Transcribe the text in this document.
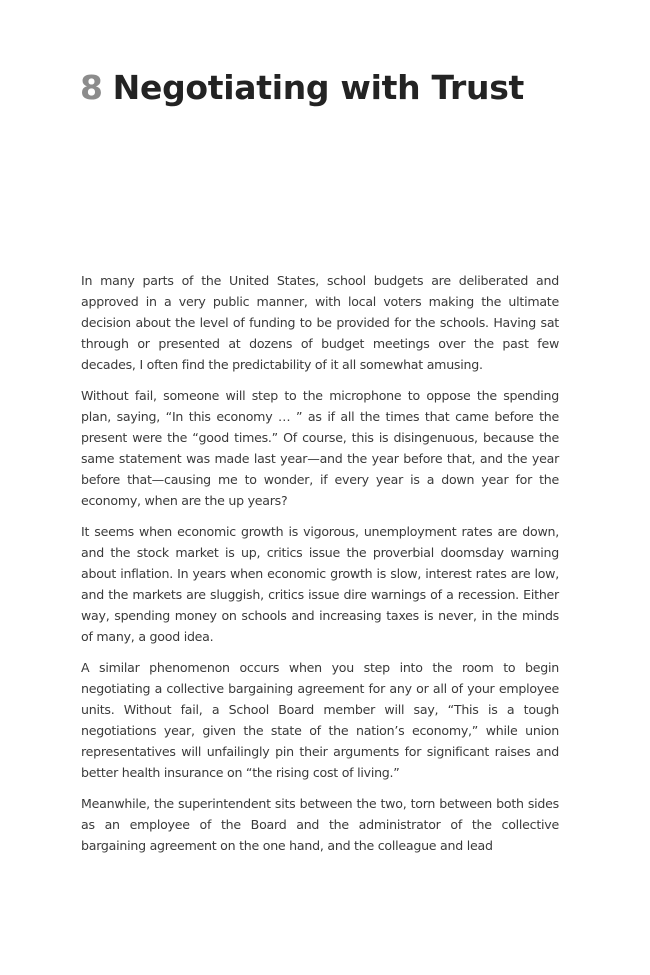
8 Negotiating with Trust

In many parts of the United States, school budgets are deliberated and approved in a very public manner, with local voters making the ultimate decision about the level of funding to be provided for the schools. Having sat through or presented at dozens of budget meetings over the past few decades, I often find the predictability of it all somewhat amusing.

Without fail, someone will step to the microphone to oppose the spending plan, saying, “In this economy … ” as if all the times that came before the present were the “good times.” Of course, this is disingenuous, because the same statement was made last year—and the year before that, and the year before that—causing me to wonder, if every year is a down year for the economy, when are the up years?

It seems when economic growth is vigorous, unemployment rates are down, and the stock market is up, critics issue the proverbial doomsday warning about inflation. In years when economic growth is slow, interest rates are low, and the markets are sluggish, critics issue dire warnings of a recession. Either way, spending money on schools and increasing taxes is never, in the minds of many, a good idea.

A similar phenomenon occurs when you step into the room to begin negotiating a collective bargaining agreement for any or all of your employee units. Without fail, a School Board member will say, “This is a tough negotiations year, given the state of the nation’s economy,” while union representatives will unfailingly pin their arguments for significant raises and better health insurance on “the rising cost of living.”

Meanwhile, the superintendent sits between the two, torn between both sides as an employee of the Board and the administrator of the collective bargaining agreement on the one hand, and the colleague and lead
